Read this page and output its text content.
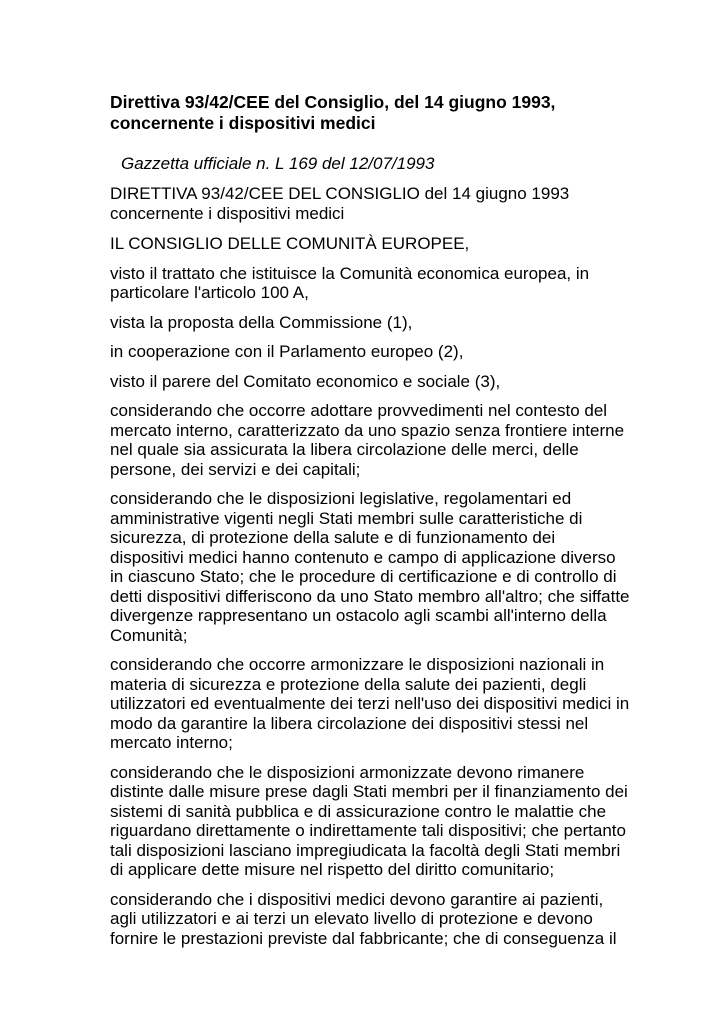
Direttiva 93/42/CEE del Consiglio, del 14 giugno 1993, concernente i dispositivi medici

Gazzetta ufficiale n. L 169 del 12/07/1993

DIRETTIVA 93/42/CEE DEL CONSIGLIO del 14 giugno 1993 concernente i dispositivi medici

IL CONSIGLIO DELLE COMUNITÀ EUROPEE,

visto il trattato che istituisce la Comunità economica europea, in particolare l'articolo 100 A,

vista la proposta della Commissione (1),

in cooperazione con il Parlamento europeo (2),

visto il parere del Comitato economico e sociale (3),

considerando che occorre adottare provvedimenti nel contesto del mercato interno, caratterizzato da uno spazio senza frontiere interne nel quale sia assicurata la libera circolazione delle merci, delle persone, dei servizi e dei capitali;

considerando che le disposizioni legislative, regolamentari ed amministrative vigenti negli Stati membri sulle caratteristiche di sicurezza, di protezione della salute e di funzionamento dei dispositivi medici hanno contenuto e campo di applicazione diverso in ciascuno Stato; che le procedure di certificazione e di controllo di detti dispositivi differiscono da uno Stato membro all'altro; che siffatte divergenze rappresentano un ostacolo agli scambi all'interno della Comunità;

considerando che occorre armonizzare le disposizioni nazionali in materia di sicurezza e protezione della salute dei pazienti, degli utilizzatori ed eventualmente dei terzi nell'uso dei dispositivi medici in modo da garantire la libera circolazione dei dispositivi stessi nel mercato interno;

considerando che le disposizioni armonizzate devono rimanere distinte dalle misure prese dagli Stati membri per il finanziamento dei sistemi di sanità pubblica e di assicurazione contro le malattie che riguardano direttamente o indirettamente tali dispositivi; che pertanto tali disposizioni lasciano impregiudicata la facoltà degli Stati membri di applicare dette misure nel rispetto del diritto comunitario;

considerando che i dispositivi medici devono garantire ai pazienti, agli utilizzatori e ai terzi un elevato livello di protezione e devono fornire le prestazioni previste dal fabbricante; che di conseguenza il
